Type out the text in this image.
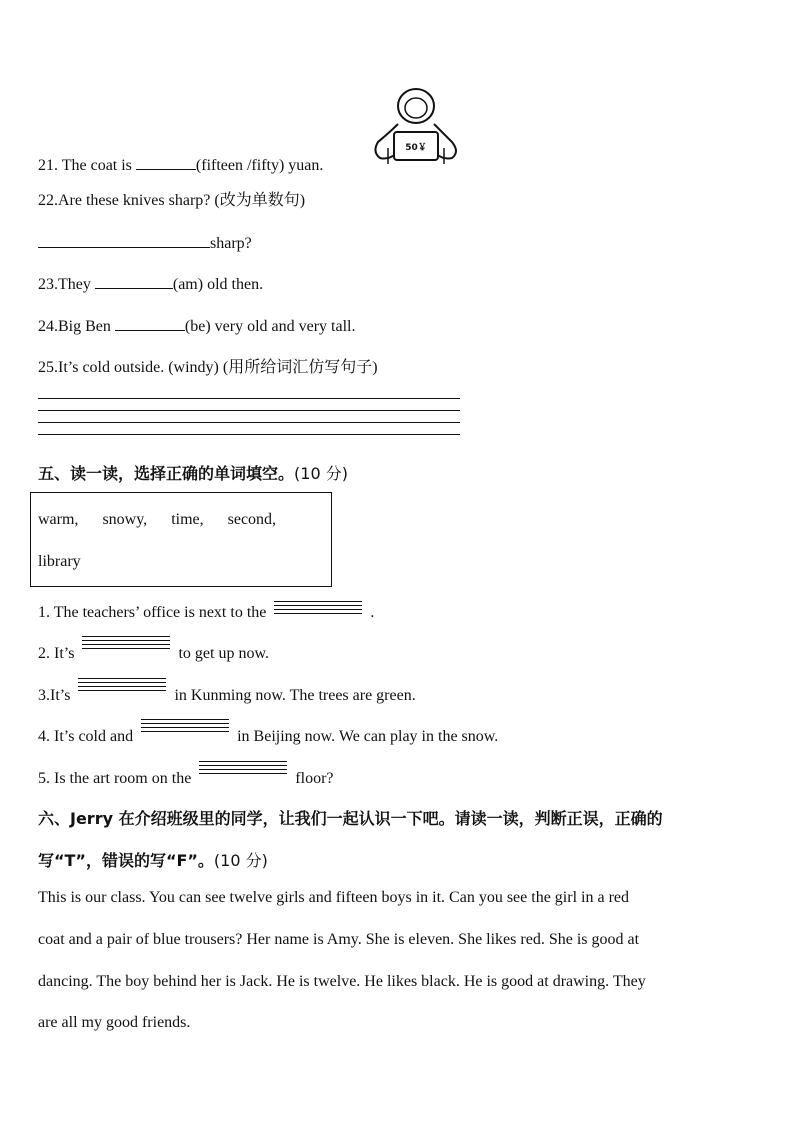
21. The coat is	(fifteen /fifty) yuan.
50￥
22.Are these knives sharp? (改为单数句)
sharp?
23.They	(am) old then.
24.Big Ben	(be) very old and very tall.
25.It’s cold outside. (windy) (用所给词汇仿写句子)
五、读一读，选择正确的单词填空。(10 分)
warm, snowy, time, second,
library
1. The teachers’ office is next to the	.
2. It’s	to get up now.
3.It’s	in Kunming now. The trees are green.
4. It’s cold and	in Beijing now. We can play in the snow.
5. Is the art room on the	floor?
六、Jerry 在介绍班级里的同学，让我们一起认识一下吧。请读一读，判断正误，正确的
写“T”，错误的写“F”。(10 分)
This is our class. You can see twelve girls and fifteen boys in it. Can you see the girl in a red
coat and a pair of blue trousers? Her name is Amy. She is eleven. She likes red. She is good at
dancing. The boy behind her is Jack. He is twelve. He likes black. He is good at drawing. They
are all my good friends.
